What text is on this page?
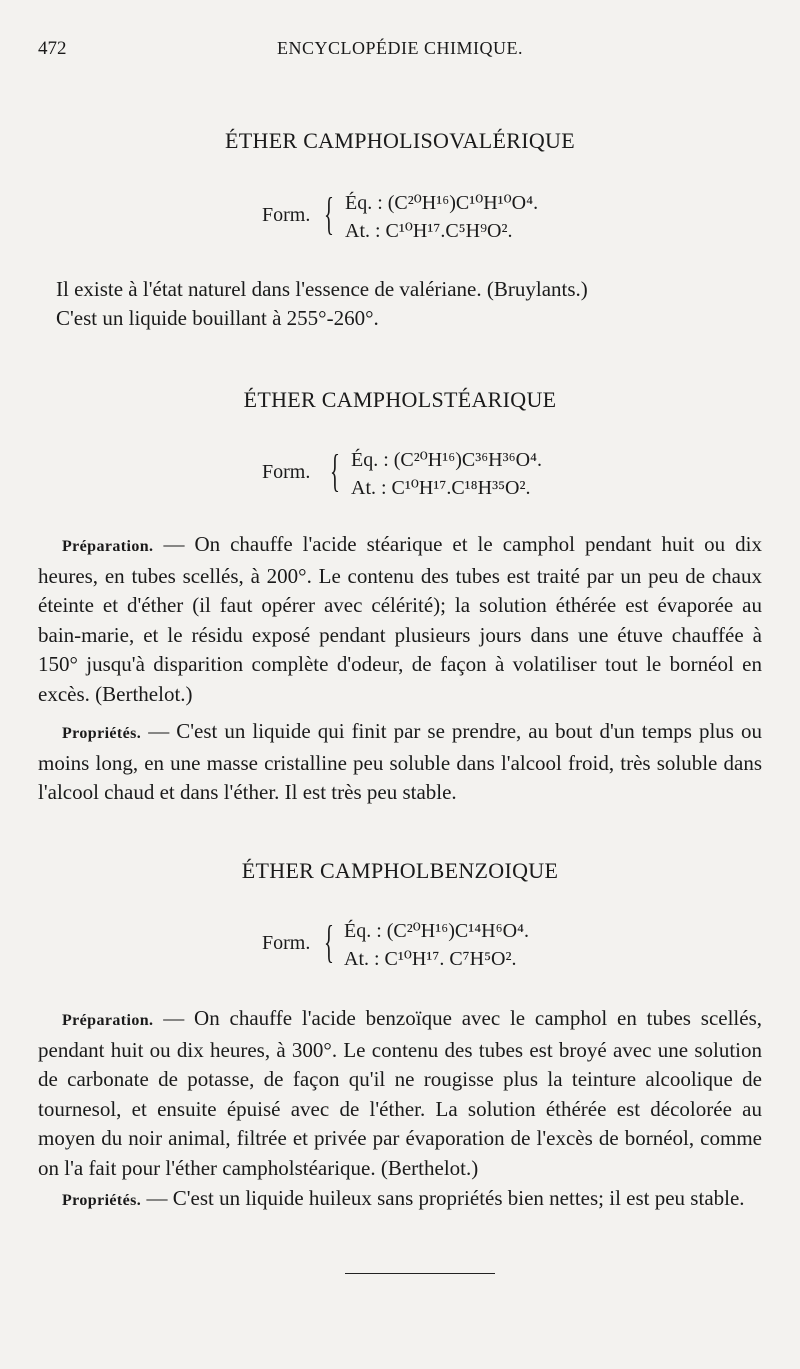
472	ENCYCLOPÉDIE CHIMIQUE.
ÉTHER CAMPHOLISOVALÉRIQUE
Form. { Éq. : (C²⁰H¹⁶)C¹⁰H¹⁰O⁴.
At. : C¹⁰H¹⁷.C⁵H⁹O².
Il existe à l'état naturel dans l'essence de valériane. (Bruylants.)
C'est un liquide bouillant à 255°-260°.
ÉTHER CAMPHOLSTÉARIQUE
Form. { Éq. : (C²⁰H¹⁶)C³⁶H³⁶O⁴.
At. : C¹⁰H¹⁷.C¹⁸H³⁵O².

Préparation. — On chauffe l'acide stéarique et le camphol pendant huit ou dix heures, en tubes scellés, à 200°. Le contenu des tubes est traité par un peu de chaux éteinte et d'éther (il faut opérer avec célérité); la solution éthérée est évaporée au bain-marie, et le résidu exposé pendant plusieurs jours dans une étuve chauffée à 150° jusqu'à disparition complète d'odeur, de façon à volatiliser tout le bornéol en excès. (Berthelot.)

Propriétés. — C'est un liquide qui finit par se prendre, au bout d'un temps plus ou moins long, en une masse cristalline peu soluble dans l'alcool froid, très soluble dans l'alcool chaud et dans l'éther. Il est très peu stable.

ÉTHER CAMPHOLBENZOIQUE
Form. { Éq. : (C²⁰H¹⁶)C¹⁴H⁶O⁴.
At. : C¹⁰H¹⁷. C⁷H⁵O².

Préparation. — On chauffe l'acide benzoïque avec le camphol en tubes scellés, pendant huit ou dix heures, à 300°. Le contenu des tubes est broyé avec une solution de carbonate de potasse, de façon qu'il ne rougisse plus la teinture alcoolique de tournesol, et ensuite épuisé avec de l'éther. La solution éthérée est décolorée au moyen du noir animal, filtrée et privée par évaporation de l'excès de bornéol, comme on l'a fait pour l'éther campholstéarique. (Berthelot.)

Propriétés. — C'est un liquide huileux sans propriétés bien nettes; il est peu stable.
